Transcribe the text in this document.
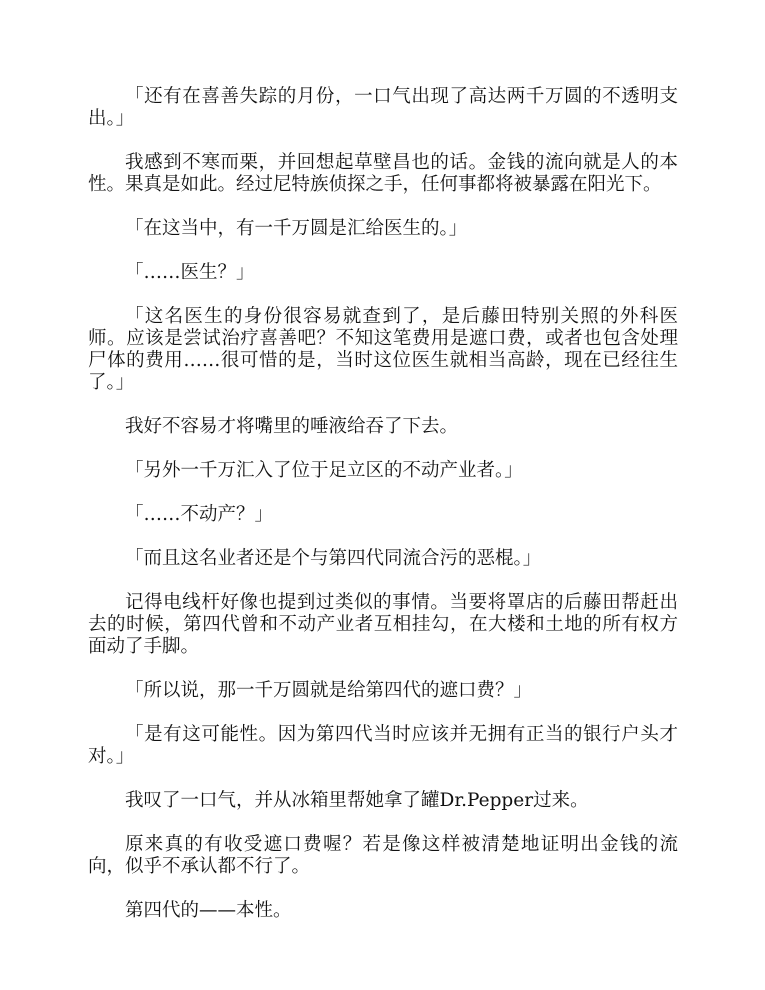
「还有在喜善失踪的月份，一口气出现了高达两千万圆的不透明支出。」

我感到不寒而栗，并回想起草壁昌也的话。金钱的流向就是人的本性。果真是如此。经过尼特族侦探之手，任何事都将被暴露在阳光下。

「在这当中，有一千万圆是汇给医生的。」

「……医生？」

「这名医生的身份很容易就查到了，是后藤田特别关照的外科医师。应该是尝试治疗喜善吧？不知这笔费用是遮口费，或者也包含处理尸体的费用……很可惜的是，当时这位医生就相当高龄，现在已经往生了。」

我好不容易才将嘴里的唾液给吞了下去。

「另外一千万汇入了位于足立区的不动产业者。」

「……不动产？」

「而且这名业者还是个与第四代同流合污的恶棍。」

记得电线杆好像也提到过类似的事情。当要将罩店的后藤田帮赶出去的时候，第四代曾和不动产业者互相挂勾，在大楼和土地的所有权方面动了手脚。

「所以说，那一千万圆就是给第四代的遮口费？」

「是有这可能性。因为第四代当时应该并无拥有正当的银行户头才对。」

我叹了一口气，并从冰箱里帮她拿了罐Dr.Pepper过来。

原来真的有收受遮口费喔？若是像这样被清楚地证明出金钱的流向，似乎不承认都不行了。

第四代的——本性。
